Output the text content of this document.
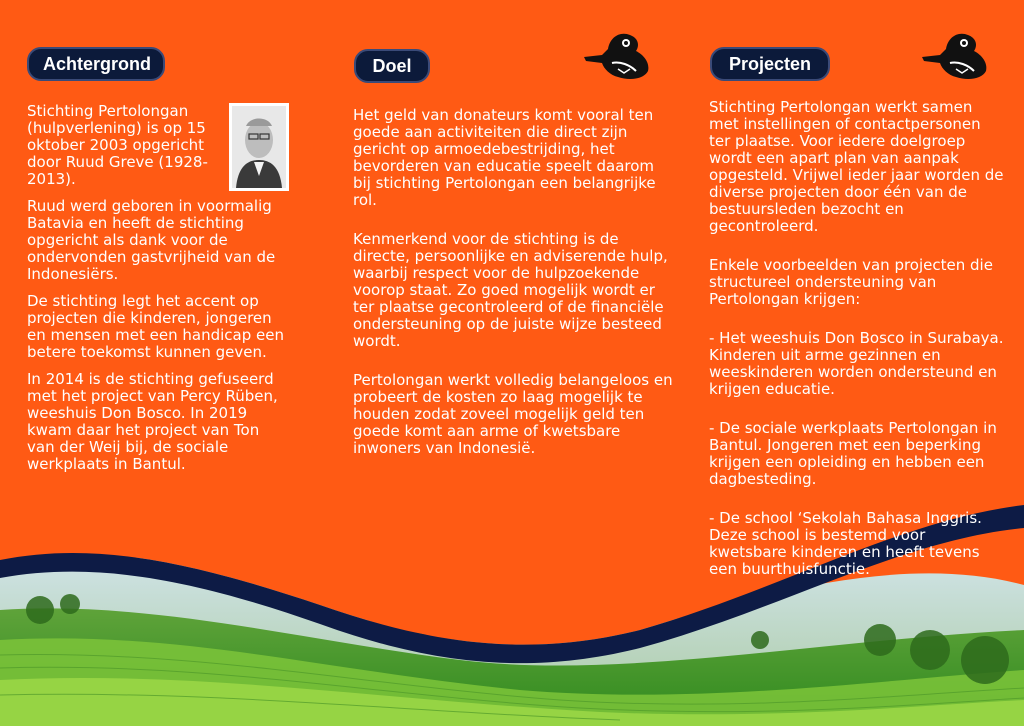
Achtergrond

Stichting Pertolongan (hulpverlening) is op 15 oktober 2003 opgericht door Ruud Greve (1928-2013).

Ruud werd geboren in voormalig Batavia en heeft de stichting opgericht als dank voor de ondervonden gastvrijheid van de Indonesiërs.

De stichting legt het accent op projecten die kinderen, jongeren en mensen met een handicap een betere toekomst kunnen geven.

In 2014 is de stichting gefuseerd met het project van Percy Rüben, weeshuis Don Bosco. In 2019 kwam daar het project van Ton van der Weij bij, de sociale werkplaats in Bantul.

Doel

Het geld van donateurs komt vooral ten goede aan activiteiten die direct zijn gericht op armoedebestrijding, het bevorderen van educatie speelt daarom bij stichting Pertolongan een belangrijke rol.

Kenmerkend voor de stichting is de directe, persoonlijke en adviserende hulp, waarbij respect voor de hulpzoekende voorop staat. Zo goed mogelijk wordt er ter plaatse gecontroleerd of de financiële ondersteuning op de juiste wijze besteed wordt.

Pertolongan werkt volledig belangeloos en probeert de kosten zo laag mogelijk te houden zodat zoveel mogelijk geld ten goede komt aan arme of kwetsbare inwoners van Indonesië.

Projecten

Stichting Pertolongan werkt samen met instellingen of contactpersonen ter plaatse. Voor iedere doelgroep wordt een apart plan van aanpak opgesteld. Vrijwel ieder jaar worden de diverse projecten door één van de bestuursleden bezocht en gecontroleerd.

Enkele voorbeelden van projecten die structureel ondersteuning van Pertolongan krijgen:

- Het weeshuis Don Bosco in Surabaya. Kinderen uit arme gezinnen en weeskinderen worden ondersteund en krijgen educatie.

- De sociale werkplaats Pertolongan in Bantul. Jongeren met een beperking krijgen een opleiding en hebben een dagbesteding.

- De school ‘Sekolah Bahasa Inggris. Deze school is bestemd voor kwetsbare kinderen en heeft tevens een buurthuisfunctie.
